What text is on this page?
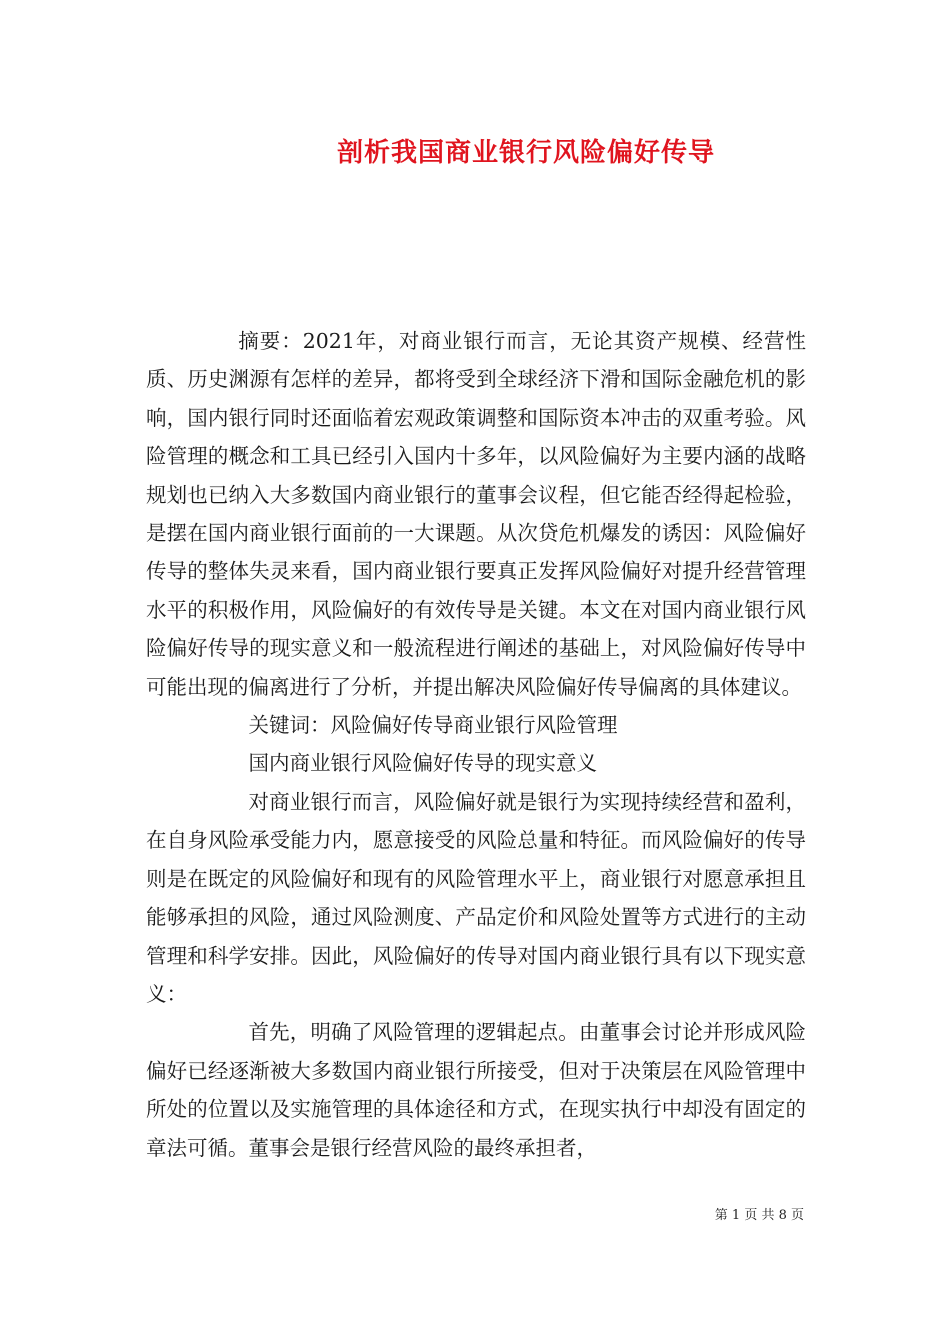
剖析我国商业银行风险偏好传导

摘要：2021年，对商业银行而言，无论其资产规模、经营性质、历史渊源有怎样的差异，都将受到全球经济下滑和国际金融危机的影响，国内银行同时还面临着宏观政策调整和国际资本冲击的双重考验。风险管理的概念和工具已经引入国内十多年，以风险偏好为主要内涵的战略规划也已纳入大多数国内商业银行的董事会议程，但它能否经得起检验，是摆在国内商业银行面前的一大课题。从次贷危机爆发的诱因：风险偏好传导的整体失灵来看，国内商业银行要真正发挥风险偏好对提升经营管理水平的积极作用，风险偏好的有效传导是关键。本文在对国内商业银行风险偏好传导的现实意义和一般流程进行阐述的基础上，对风险偏好传导中可能出现的偏离进行了分析，并提出解决风险偏好传导偏离的具体建议。

关键词：风险偏好传导商业银行风险管理

国内商业银行风险偏好传导的现实意义

对商业银行而言，风险偏好就是银行为实现持续经营和盈利，在自身风险承受能力内，愿意接受的风险总量和特征。而风险偏好的传导则是在既定的风险偏好和现有的风险管理水平上，商业银行对愿意承担且能够承担的风险，通过风险测度、产品定价和风险处置等方式进行的主动管理和科学安排。因此，风险偏好的传导对国内商业银行具有以下现实意义：

首先，明确了风险管理的逻辑起点。由董事会讨论并形成风险偏好已经逐渐被大多数国内商业银行所接受，但对于决策层在风险管理中所处的位置以及实施管理的具体途径和方式，在现实执行中却没有固定的章法可循。董事会是银行经营风险的最终承担者，

第 1 页 共 8 页
